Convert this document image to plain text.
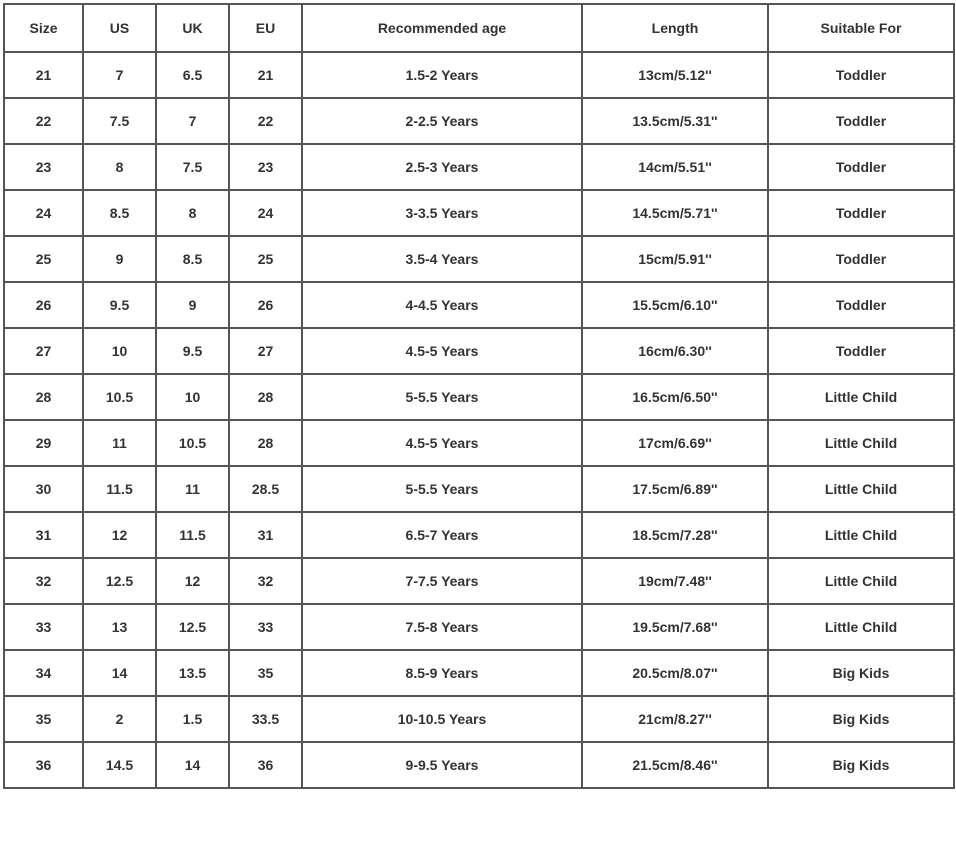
Size	US	UK	EU	Recommended age	Length	Suitable For
21	7	6.5	21	1.5-2 Years	13cm/5.12''	Toddler
22	7.5	7	22	2-2.5 Years	13.5cm/5.31''	Toddler
23	8	7.5	23	2.5-3 Years	14cm/5.51''	Toddler
24	8.5	8	24	3-3.5 Years	14.5cm/5.71''	Toddler
25	9	8.5	25	3.5-4 Years	15cm/5.91''	Toddler
26	9.5	9	26	4-4.5 Years	15.5cm/6.10''	Toddler
27	10	9.5	27	4.5-5 Years	16cm/6.30''	Toddler
28	10.5	10	28	5-5.5 Years	16.5cm/6.50''	Little Child
29	11	10.5	28	4.5-5 Years	17cm/6.69''	Little Child
30	11.5	11	28.5	5-5.5 Years	17.5cm/6.89''	Little Child
31	12	11.5	31	6.5-7 Years	18.5cm/7.28''	Little Child
32	12.5	12	32	7-7.5 Years	19cm/7.48''	Little Child
33	13	12.5	33	7.5-8 Years	19.5cm/7.68''	Little Child
34	14	13.5	35	8.5-9 Years	20.5cm/8.07''	Big Kids
35	2	1.5	33.5	10-10.5 Years	21cm/8.27''	Big Kids
36	14.5	14	36	9-9.5 Years	21.5cm/8.46''	Big Kids
